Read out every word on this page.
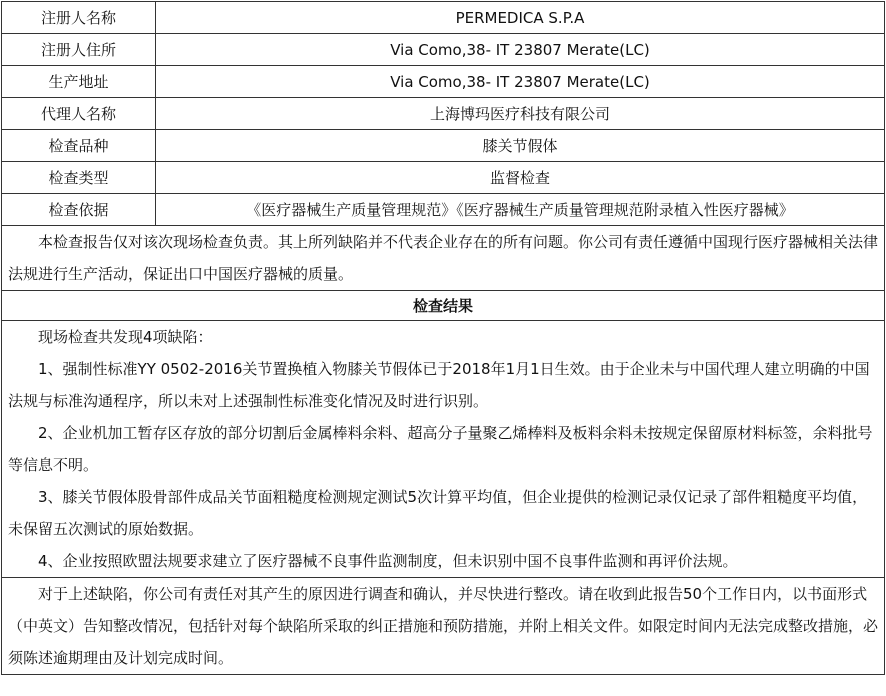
注册人名称	PERMEDICA S.P.A
注册人住所	Via Como,38- IT 23807 Merate(LC)
生产地址	Via Como,38- IT 23807 Merate(LC)
代理人名称	上海博玛医疗科技有限公司
检查品种	膝关节假体
检查类型	监督检查
检查依据	《医疗器械生产质量管理规范》《医疗器械生产质量管理规范附录植入性医疗器械》

本检查报告仅对该次现场检查负责。其上所列缺陷并不代表企业存在的所有问题。你公司有责任遵循中国现行医疗器械相关法律法规进行生产活动，保证出口中国医疗器械的质量。	

检查结果	

现场检查共发现4项缺陷：

1、强制性标准YY 0502-2016关节置换植入物膝关节假体已于2018年1月1日生效。由于企业未与中国代理人建立明确的中国法规与标准沟通程序，所以未对上述强制性标准变化情况及时进行识别。

2、企业机加工暂存区存放的部分切割后金属棒料余料、超高分子量聚乙烯棒料及板料余料未按规定保留原材料标签，余料批号等信息不明。

3、膝关节假体股骨部件成品关节面粗糙度检测规定测试5次计算平均值，但企业提供的检测记录仅记录了部件粗糙度平均值，未保留五次测试的原始数据。

4、企业按照欧盟法规要求建立了医疗器械不良事件监测制度，但未识别中国不良事件监测和再评价法规。	

对于上述缺陷，你公司有责任对其产生的原因进行调查和确认，并尽快进行整改。请在收到此报告50个工作日内，以书面形式（中英文）告知整改情况，包括针对每个缺陷所采取的纠正措施和预防措施，并附上相关文件。如限定时间内无法完成整改措施，必须陈述逾期理由及计划完成时间。	
